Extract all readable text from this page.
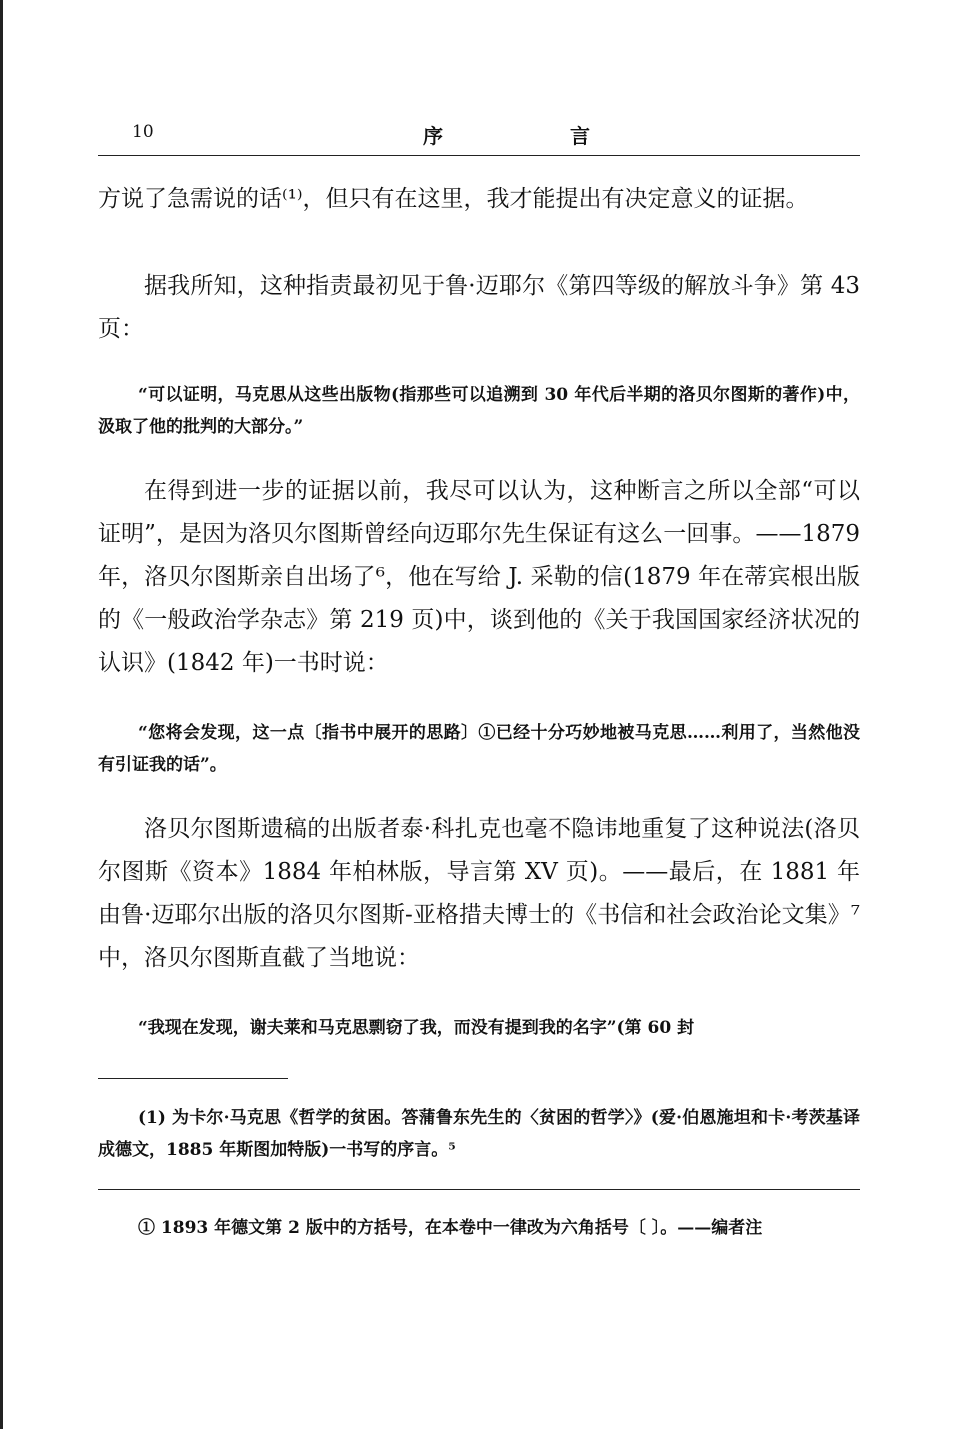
10	序 言

方说了急需说的话⁽¹⁾，但只有在这里，我才能提出有决定意义的证据。

据我所知，这种指责最初见于鲁·迈耶尔《第四等级的解放斗争》第 43 页：

“可以证明，马克思从这些出版物(指那些可以追溯到 30 年代后半期的洛贝尔图斯的著作)中，汲取了他的批判的大部分。”

在得到进一步的证据以前，我尽可以认为，这种断言之所以全部“可以证明”，是因为洛贝尔图斯曾经向迈耶尔先生保证有这么一回事。——1879 年，洛贝尔图斯亲自出场了⁶，他在写给 J. 采勒的信(1879 年在蒂宾根出版的《一般政治学杂志》第 219 页)中，谈到他的《关于我国国家经济状况的认识》(1842 年)一书时说：

“您将会发现，这一点〔指书中展开的思路〕①已经十分巧妙地被马克思……利用了，当然他没有引证我的话”。

洛贝尔图斯遗稿的出版者泰·科扎克也毫不隐讳地重复了这种说法(洛贝尔图斯《资本》1884 年柏林版，导言第 XV 页)。——最后，在 1881 年由鲁·迈耶尔出版的洛贝尔图斯-亚格措夫博士的《书信和社会政治论文集》⁷中，洛贝尔图斯直截了当地说：

“我现在发现，谢夫莱和马克思剽窃了我，而没有提到我的名字”(第 60 封

(1) 为卡尔·马克思《哲学的贫困。答蒲鲁东先生的〈贫困的哲学〉》(爱·伯恩施坦和卡·考茨基译成德文，1885 年斯图加特版)一书写的序言。⁵

① 1893 年德文第 2 版中的方括号，在本卷中一律改为六角括号〔 〕。——编者注
